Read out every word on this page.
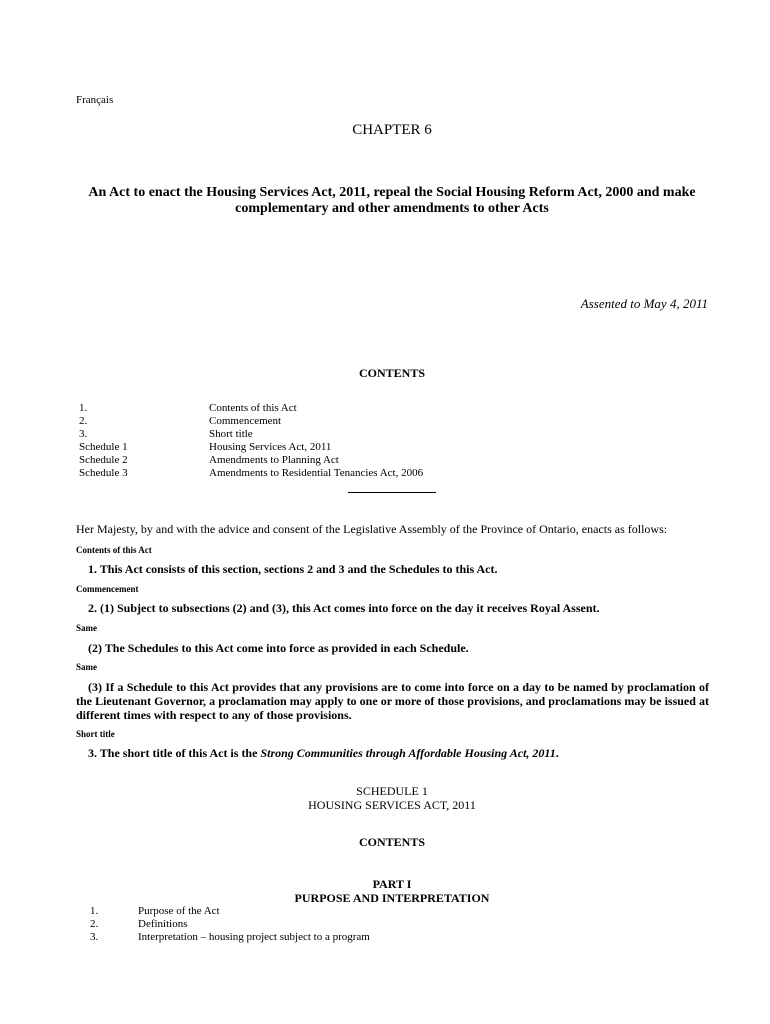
Français
CHAPTER 6
An Act to enact the Housing Services Act, 2011, repeal the Social Housing Reform Act, 2000 and make complementary and other amendments to other Acts
Assented to May 4, 2011
CONTENTS
1.	Contents of this Act
2.	Commencement
3.	Short title
Schedule 1	Housing Services Act, 2011
Schedule 2	Amendments to Planning Act
Schedule 3	Amendments to Residential Tenancies Act, 2006
Her Majesty, by and with the advice and consent of the Legislative Assembly of the Province of Ontario, enacts as follows:
Contents of this Act
1. This Act consists of this section, sections 2 and 3 and the Schedules to this Act.
Commencement
2. (1) Subject to subsections (2) and (3), this Act comes into force on the day it receives Royal Assent.
Same
(2) The Schedules to this Act come into force as provided in each Schedule.
Same
(3) If a Schedule to this Act provides that any provisions are to come into force on a day to be named by proclamation of the Lieutenant Governor, a proclamation may apply to one or more of those provisions, and proclamations may be issued at different times with respect to any of those provisions.
Short title
3. The short title of this Act is the Strong Communities through Affordable Housing Act, 2011.
SCHEDULE 1
HOUSING SERVICES ACT, 2011
CONTENTS
PART I
PURPOSE AND INTERPRETATION
1.	Purpose of the Act
2.	Definitions
3.	Interpretation – housing project subject to a program
